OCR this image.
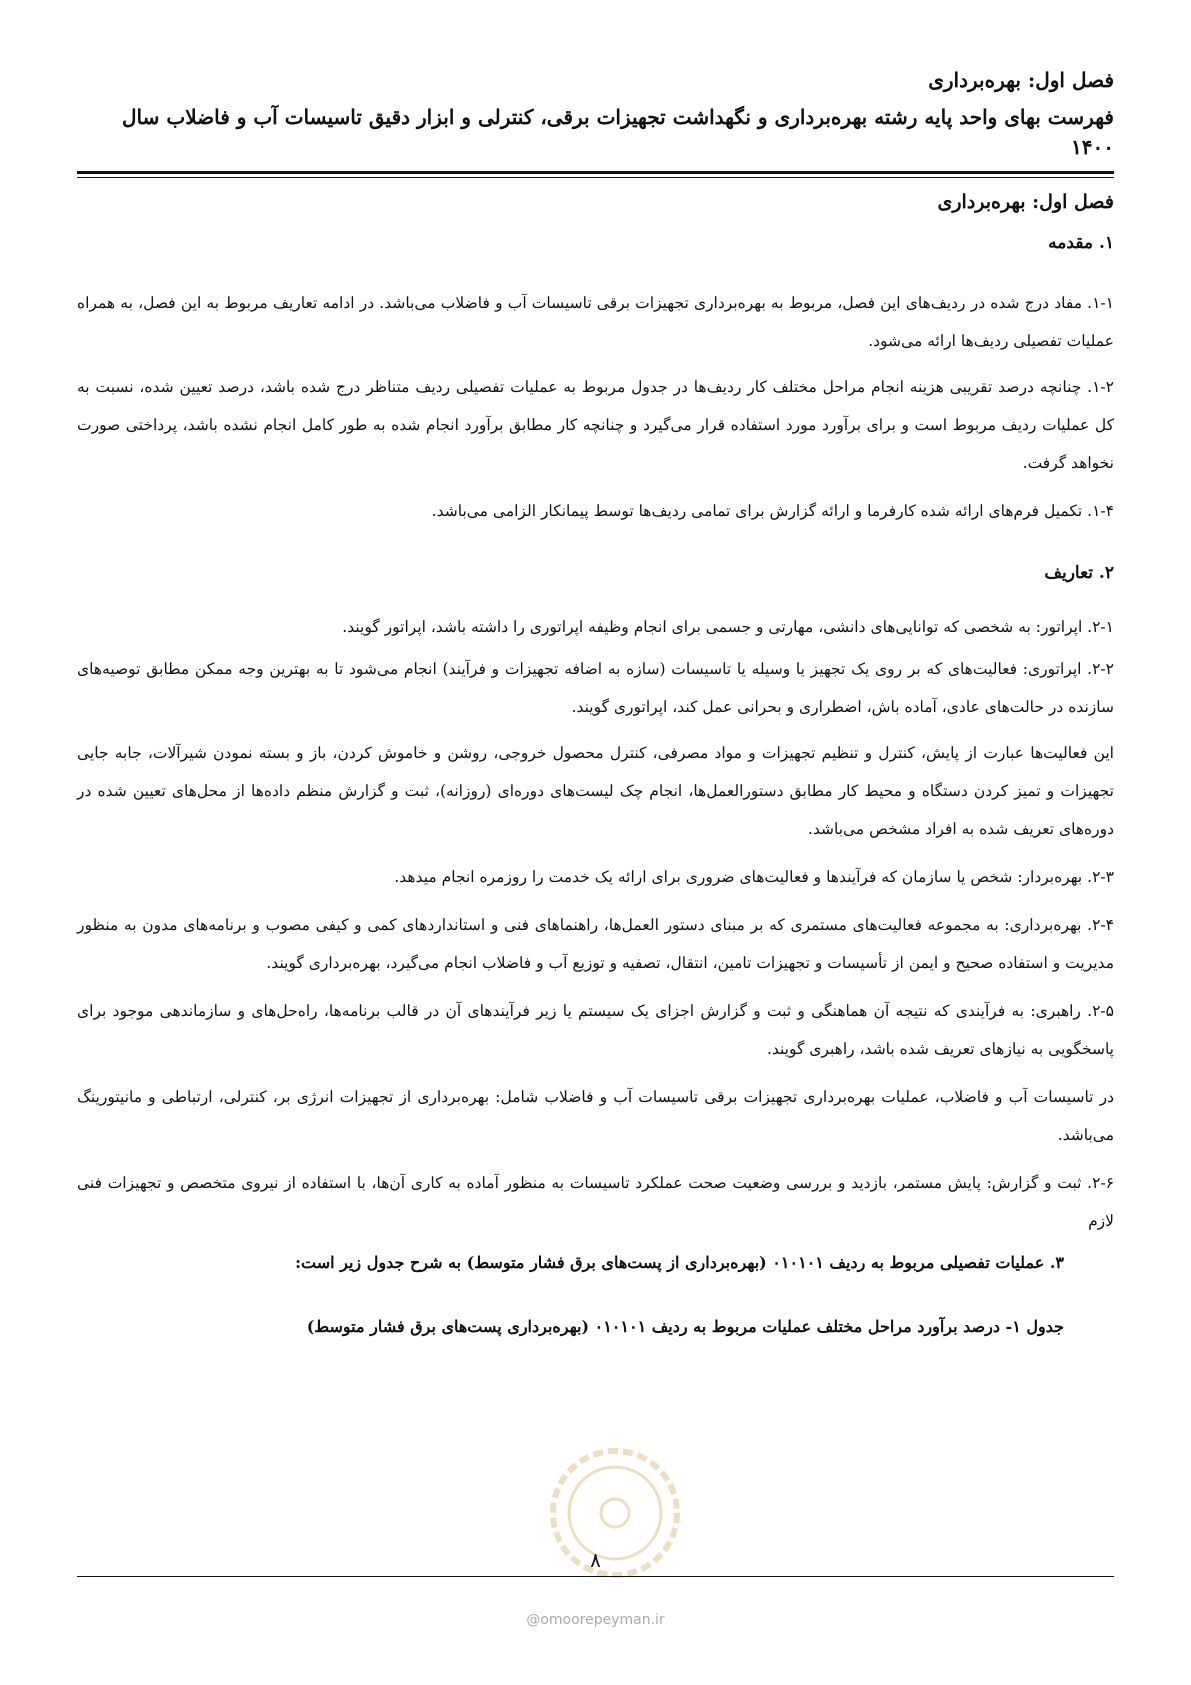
فصل اول: بهره‌برداری
فهرست بهای واحد پایه رشته بهره‌برداری و نگهداشت تجهیزات برقی، کنترلی و ابزار دقیق تاسیسات آب و فاضلاب سال ۱۴۰۰
فصل اول: بهره‌برداری
۱. مقدمه

۱-۱. مفاد درج شده در ردیف‌های این فصل، مربوط به بهره‌برداری تجهیزات برقی تاسیسات آب و فاضلاب می‌باشد. در ادامه تعاریف مربوط به این فصل، به همراه عملیات تفصیلی ردیف‌ها ارائه می‌شود.

۱-۲. چنانچه درصد تقریبی هزینه انجام مراحل مختلف کار ردیف‌ها در جدول مربوط به عملیات تفصیلی ردیف متناظر درج شده باشد، درصد تعیین شده، نسبت به کل عملیات ردیف مربوط است و برای برآورد مورد استفاده قرار می‌گیرد و چنانچه کار مطابق برآورد انجام شده به طور کامل انجام نشده باشد، پرداختی صورت نخواهد گرفت.

۱-۴. تکمیل فرم‌های ارائه شده کارفرما و ارائه گزارش برای تمامی ردیف‌ها توسط پیمانکار الزامی می‌باشد.

۲. تعاریف

۲-۱. اپراتور: به شخصی که توانایی‌های دانشی، مهارتی و جسمی برای انجام وظیفه اپراتوری را داشته باشد، اپراتور گویند.

۲-۲. اپراتوری: فعالیت‌های که بر روی یک تجهیز یا وسیله یا تاسیسات (سازه به اضافه تجهیزات و فرآیند) انجام می‌شود تا به بهترین وجه ممکن مطابق توصیه‌های سازنده در حالت‌های عادی، آماده باش، اضطراری و بحرانی عمل کند، اپراتوری گویند.

این فعالیت‌ها عبارت از پایش، کنترل و تنظیم تجهیزات و مواد مصرفی، کنترل محصول خروجی، روشن و خاموش کردن، باز و بسته نمودن شیرآلات، جابه جایی تجهیزات و تمیز کردن دستگاه و محیط کار مطابق دستورالعمل‌ها، انجام چک لیست‌های دوره‌ای (روزانه)، ثبت و گزارش منظم داده‌ها از محل‌های تعیین شده در دوره‌های تعریف شده به افراد مشخص می‌باشد.

۲-۳. بهره‌بردار: شخص یا سازمان که فرآیندها و فعالیت‌های ضروری برای ارائه یک خدمت را روزمره انجام میدهد.

۲-۴. بهره‌برداری: به مجموعه فعالیت‌های مستمری که بر مبنای دستور العمل‌ها، راهنماهای فنی و استانداردهای کمی و کیفی مصوب و برنامه‌های مدون به منظور مدیریت و استفاده صحیح و ایمن از تأسیسات و تجهیزات تامین، انتقال، تصفیه و توزیع آب و فاضلاب انجام می‌گیرد، بهره‌برداری گویند.

۲-۵. راهبری: به فرآیندی که نتیجه آن هماهنگی و ثبت و گزارش اجزای یک سیستم یا زیر فرآیندهای آن در قالب برنامه‌ها، راه‌حل‌های و سازماندهی موجود برای پاسخگویی به نیازهای تعریف شده باشد، راهبری گویند.

در تاسیسات آب و فاضلاب، عملیات بهره‌برداری تجهیزات برقی تاسیسات آب و فاضلاب شامل: بهره‌برداری از تجهیزات انرژی بر، کنترلی، ارتباطی و مانیتورینگ می‌باشد.

۲-۶. ثبت و گزارش: پایش مستمر، بازدید و بررسی وضعیت صحت عملکرد تاسیسات به منظور آماده به کاری آن‌ها، با استفاده از نیروی متخصص و تجهیزات فنی لازم

۳. عملیات تفصیلی مربوط به ردیف ۰۱۰۱۰۱ (بهره‌برداری از پست‌های برق فشار متوسط) به شرح جدول زیر است:

جدول ۱- درصد برآورد مراحل مختلف عملیات مربوط به ردیف ۰۱۰۱۰۱ (بهره‌برداری پست‌های برق فشار متوسط)

۸
@omoorepeyman.ir
